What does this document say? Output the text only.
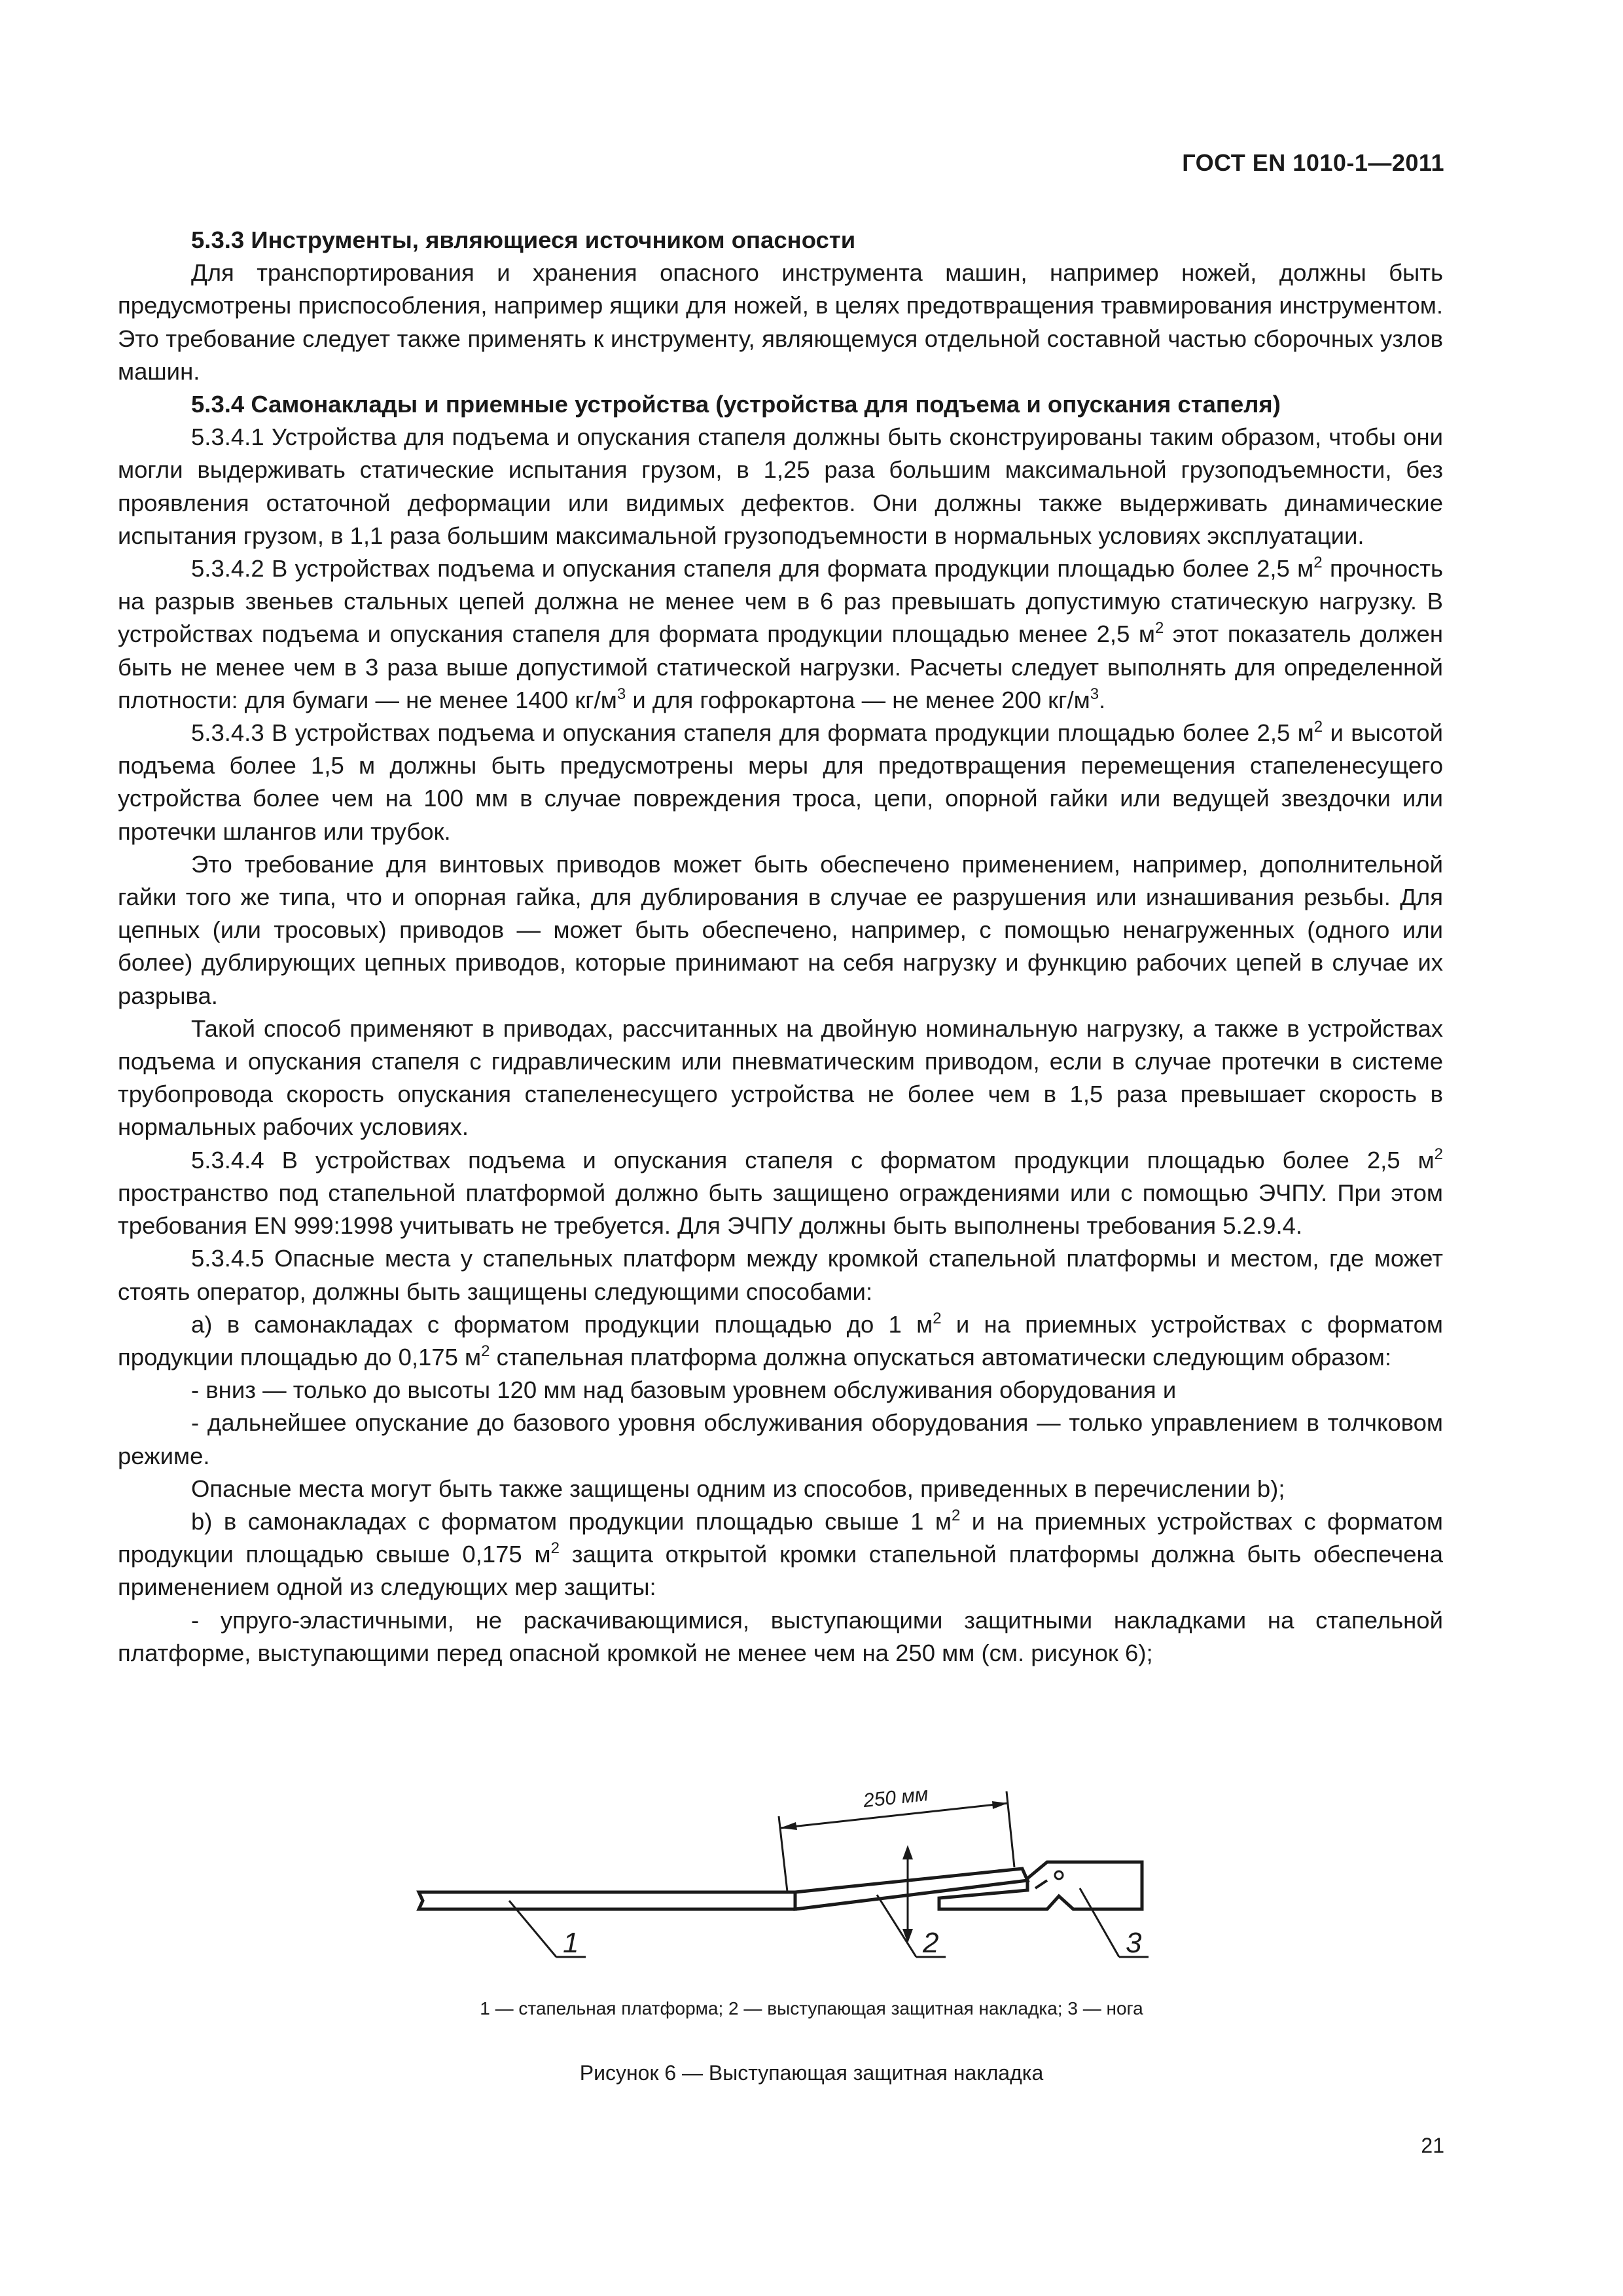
ГОСТ EN 1010-1—2011

5.3.3 Инструменты, являющиеся источником опасности

Для транспортирования и хранения опасного инструмента машин, например ножей, должны быть предусмотрены приспособления, например ящики для ножей, в целях предотвращения травмирования инструментом. Это требование следует также применять к инструменту, являющемуся отдельной составной частью сборочных узлов машин.

5.3.4 Самонаклады и приемные устройства (устройства для подъема и опускания стапеля)

5.3.4.1 Устройства для подъема и опускания стапеля должны быть сконструированы таким образом, чтобы они могли выдерживать статические испытания грузом, в 1,25 раза большим максимальной грузоподъемности, без проявления остаточной деформации или видимых дефектов. Они должны также выдерживать динамические испытания грузом, в 1,1 раза большим максимальной грузоподъемности в нормальных условиях эксплуатации.

5.3.4.2 В устройствах подъема и опускания стапеля для формата продукции площадью более 2,5 $м^2$ прочность на разрыв звеньев стальных цепей должна не менее чем в 6 раз превышать допустимую статическую нагрузку. В устройствах подъема и опускания стапеля для формата продукции площадью менее 2,5 $м^2$ этот показатель должен быть не менее чем в 3 раза выше допустимой статической нагрузки. Расчеты следует выполнять для определенной плотности: для бумаги — не менее 1400 $кг/м^3$ и для гофрокартона — не менее 200 $кг/м^3$.

5.3.4.3 В устройствах подъема и опускания стапеля для формата продукции площадью более 2,5 $м^2$ и высотой подъема более 1,5 м должны быть предусмотрены меры для предотвращения перемещения стапеленесущего устройства более чем на 100 мм в случае повреждения троса, цепи, опорной гайки или ведущей звездочки или протечки шлангов или трубок.

Это требование для винтовых приводов может быть обеспечено применением, например, дополнительной гайки того же типа, что и опорная гайка, для дублирования в случае ее разрушения или изнашивания резьбы. Для цепных (или тросовых) приводов — может быть обеспечено, например, с помощью ненагруженных (одного или более) дублирующих цепных приводов, которые принимают на себя нагрузку и функцию рабочих цепей в случае их разрыва.

Такой способ применяют в приводах, рассчитанных на двойную номинальную нагрузку, а также в устройствах подъема и опускания стапеля с гидравлическим или пневматическим приводом, если в случае протечки в системе трубопровода скорость опускания стапеленесущего устройства не более чем в 1,5 раза превышает скорость в нормальных рабочих условиях.

5.3.4.4 В устройствах подъема и опускания стапеля с форматом продукции площадью более 2,5 $м^2$ пространство под стапельной платформой должно быть защищено ограждениями или с помощью ЭЧПУ. При этом требования EN 999:1998 учитывать не требуется. Для ЭЧПУ должны быть выполнены требования 5.2.9.4.

5.3.4.5 Опасные места у стапельных платформ между кромкой стапельной платформы и местом, где может стоять оператор, должны быть защищены следующими способами:

а) в самонакладах с форматом продукции площадью до 1 $м^2$ и на приемных устройствах с форматом продукции площадью до 0,175 $м^2$ стапельная платформа должна опускаться автоматически следующим образом:

- вниз — только до высоты 120 мм над базовым уровнем обслуживания оборудования и

- дальнейшее опускание до базового уровня обслуживания оборудования — только управлением в толчковом режиме.

Опасные места могут быть также защищены одним из способов, приведенных в перечислении b);

b) в самонакладах с форматом продукции площадью свыше 1 $м^2$ и на приемных устройствах с форматом продукции площадью свыше 0,175 $м^2$ защита открытой кромки стапельной платформы должна быть обеспечена применением одной из следующих мер защиты:

- упруго-эластичными, не раскачивающимися, выступающими защитными накладками на стапельной платформе, выступающими перед опасной кромкой не менее чем на 250 мм (см. рисунок 6);

250 мм
1	2	3
1 — стапельная платформа; 2 — выступающая защитная накладка; 3 — нога
Рисунок 6 — Выступающая защитная накладка
21
